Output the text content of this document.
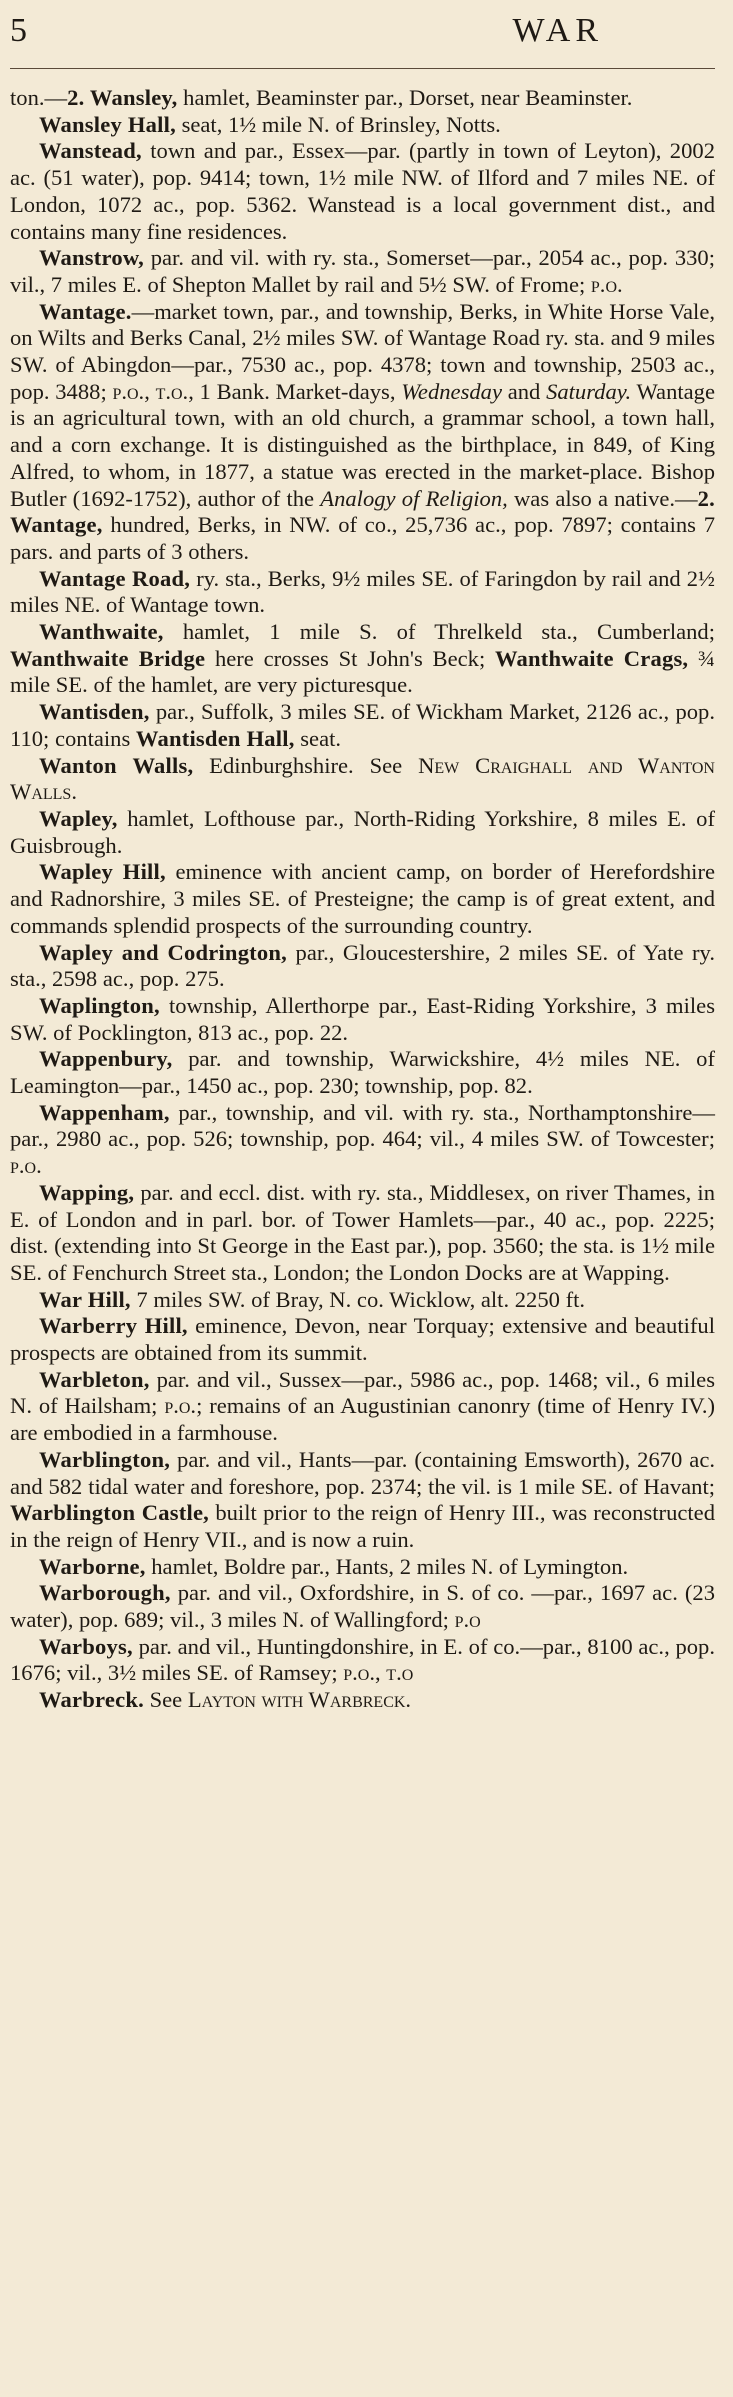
5	WAR

ton.—2. Wansley, hamlet, Beaminster par., Dorset, near Beaminster.

Wansley Hall, seat, 1½ mile N. of Brinsley, Notts.

Wanstead, town and par., Essex—par. (partly in town of Leyton), 2002 ac. (51 water), pop. 9414; town, 1½ mile NW. of Ilford and 7 miles NE. of London, 1072 ac., pop. 5362. Wanstead is a local government dist., and contains many fine residences.

Wanstrow, par. and vil. with ry. sta., Somerset—par., 2054 ac., pop. 330; vil., 7 miles E. of Shepton Mallet by rail and 5½ SW. of Frome; p.o.

Wantage.—market town, par., and township, Berks, in White Horse Vale, on Wilts and Berks Canal, 2½ miles SW. of Wantage Road ry. sta. and 9 miles SW. of Abingdon—par., 7530 ac., pop. 4378; town and township, 2503 ac., pop. 3488; p.o., t.o., 1 Bank. Market-days, Wednesday and Saturday. Wantage is an agricultural town, with an old church, a grammar school, a town hall, and a corn exchange. It is distinguished as the birthplace, in 849, of King Alfred, to whom, in 1877, a statue was erected in the market-place. Bishop Butler (1692-1752), author of the Analogy of Religion, was also a native.—2. Wantage, hundred, Berks, in NW. of co., 25,736 ac., pop. 7897; contains 7 pars. and parts of 3 others.

Wantage Road, ry. sta., Berks, 9½ miles SE. of Faringdon by rail and 2½ miles NE. of Wantage town.

Wanthwaite, hamlet, 1 mile S. of Threlkeld sta., Cumberland; Wanthwaite Bridge here crosses St John's Beck; Wanthwaite Crags, ¾ mile SE. of the hamlet, are very picturesque.

Wantisden, par., Suffolk, 3 miles SE. of Wickham Market, 2126 ac., pop. 110; contains Wantisden Hall, seat.

Wanton Walls, Edinburghshire. See New Craighall and Wanton Walls.

Wapley, hamlet, Lofthouse par., North-Riding Yorkshire, 8 miles E. of Guisbrough.

Wapley Hill, eminence with ancient camp, on border of Herefordshire and Radnorshire, 3 miles SE. of Presteigne; the camp is of great extent, and commands splendid prospects of the surrounding country.

Wapley and Codrington, par., Gloucestershire, 2 miles SE. of Yate ry. sta., 2598 ac., pop. 275.

Waplington, township, Allerthorpe par., East-Riding Yorkshire, 3 miles SW. of Pocklington, 813 ac., pop. 22.

Wappenbury, par. and township, Warwickshire, 4½ miles NE. of Leamington—par., 1450 ac., pop. 230; township, pop. 82.

Wappenham, par., township, and vil. with ry. sta., Northamptonshire—par., 2980 ac., pop. 526; township, pop. 464; vil., 4 miles SW. of Towcester; p.o.

Wapping, par. and eccl. dist. with ry. sta., Middlesex, on river Thames, in E. of London and in parl. bor. of Tower Hamlets—par., 40 ac., pop. 2225; dist. (extending into St George in the East par.), pop. 3560; the sta. is 1½ mile SE. of Fenchurch Street sta., London; the London Docks are at Wapping.

War Hill, 7 miles SW. of Bray, N. co. Wicklow, alt. 2250 ft.

Warberry Hill, eminence, Devon, near Torquay; extensive and beautiful prospects are obtained from its summit.

Warbleton, par. and vil., Sussex—par., 5986 ac., pop. 1468; vil., 6 miles N. of Hailsham; p.o.; remains of an Augustinian canonry (time of Henry IV.) are embodied in a farmhouse.

Warblington, par. and vil., Hants—par. (containing Emsworth), 2670 ac. and 582 tidal water and foreshore, pop. 2374; the vil. is 1 mile SE. of Havant; Warblington Castle, built prior to the reign of Henry III., was reconstructed in the reign of Henry VII., and is now a ruin.

Warborne, hamlet, Boldre par., Hants, 2 miles N. of Lymington.

Warborough, par. and vil., Oxfordshire, in S. of co. —par., 1697 ac. (23 water), pop. 689; vil., 3 miles N. of Wallingford; p.o

Warboys, par. and vil., Huntingdonshire, in E. of co.—par., 8100 ac., pop. 1676; vil., 3½ miles SE. of Ramsey; p.o., t.o

Warbreck. See Layton with Warbreck.
